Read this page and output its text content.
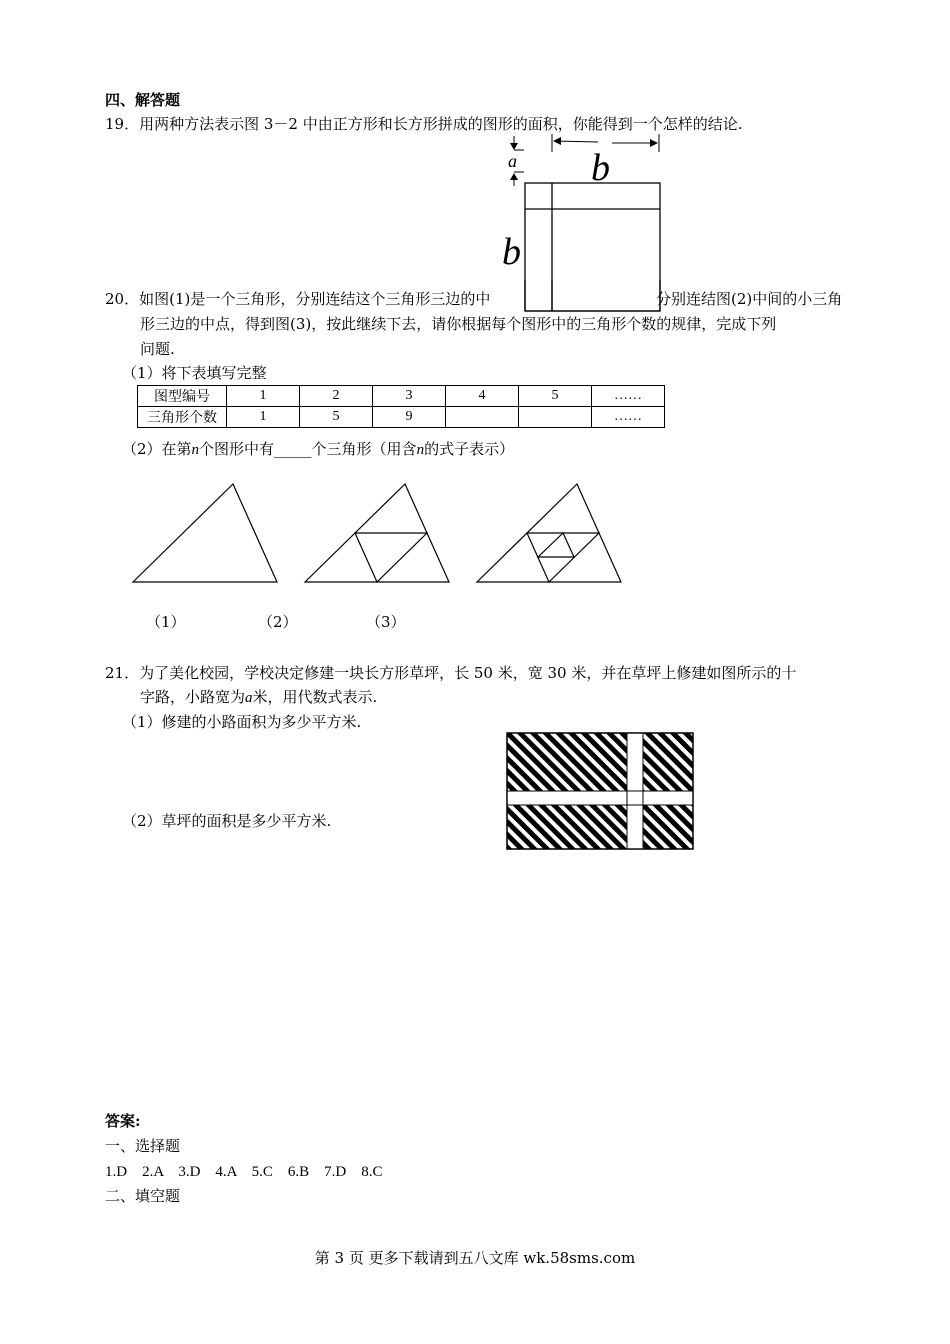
四、解答题
19．用两种方法表示图 3－2 中由正方形和长方形拼成的图形的面积，你能得到一个怎样的结论.
a b
b
20．如图(1)是一个三角形，分别连结这个三角形三边的中	分别连结图(2)中间的小三角
形三边的中点，得到图(3)，按此继续下去，请你根据每个图形中的三角形个数的规律，完成下列
问题.
（1）将下表填写完整
图型编号	1	2	3	4	5	……
三角形个数	1	5	9			……
（2）在第n个图形中有_____个三角形（用含n的式子表示）
（1）	（2）	（3）
21．为了美化校园，学校决定修建一块长方形草坪，长 50 米，宽 30 米，并在草坪上修建如图所示的十
字路，小路宽为a米，用代数式表示.
（1）修建的小路面积为多少平方米.
（2）草坪的面积是多少平方米.
答案:
一、选择题
1.D　2.A　3.D　4.A　5.C　6.B　7.D　8.C
二、填空题
第 3 页 更多下载请到五八文库 wk.58sms.com
